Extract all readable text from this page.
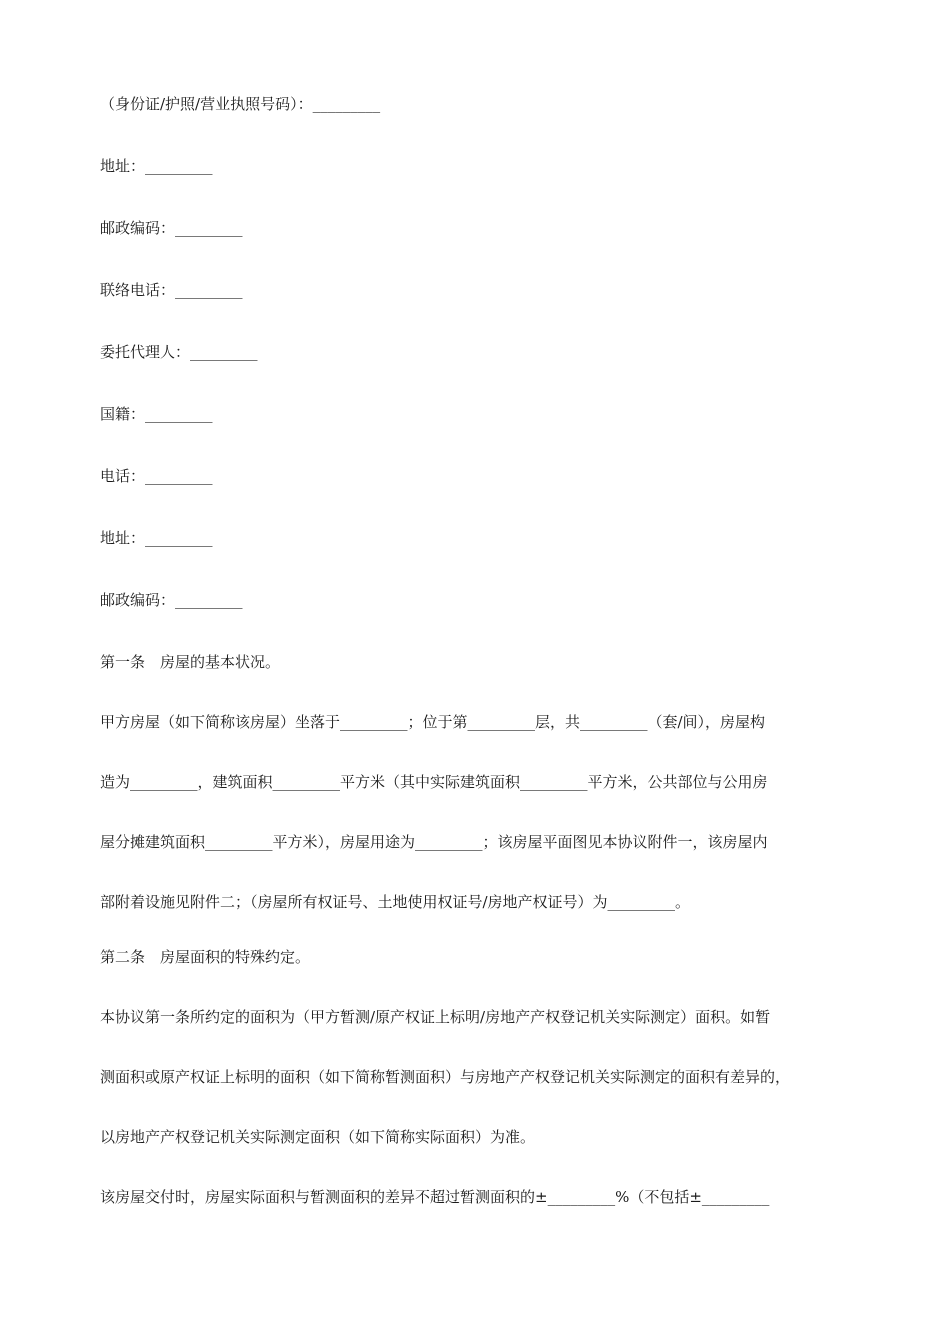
（身份证/护照/营业执照号码）：_________
地址：_________
邮政编码：_________
联络电话：_________
委托代理人：_________
国籍：_________
电话：_________
地址：_________
邮政编码：_________
第一条　房屋的基本状况。
甲方房屋（如下简称该房屋）坐落于_________；位于第_________层，共_________（套/间），房屋构
造为_________，建筑面积_________平方米（其中实际建筑面积_________平方米，公共部位与公用房
屋分摊建筑面积_________平方米），房屋用途为_________；该房屋平面图见本协议附件一，该房屋内
部附着设施见附件二；（房屋所有权证号、土地使用权证号/房地产权证号）为_________。
第二条　房屋面积的特殊约定。
本协议第一条所约定的面积为（甲方暂测/原产权证上标明/房地产产权登记机关实际测定）面积。如暂
测面积或原产权证上标明的面积（如下简称暂测面积）与房地产产权登记机关实际测定的面积有差异的，
以房地产产权登记机关实际测定面积（如下简称实际面积）为准。
该房屋交付时，房屋实际面积与暂测面积的差异不超过暂测面积的±_________%（不包括±_________
